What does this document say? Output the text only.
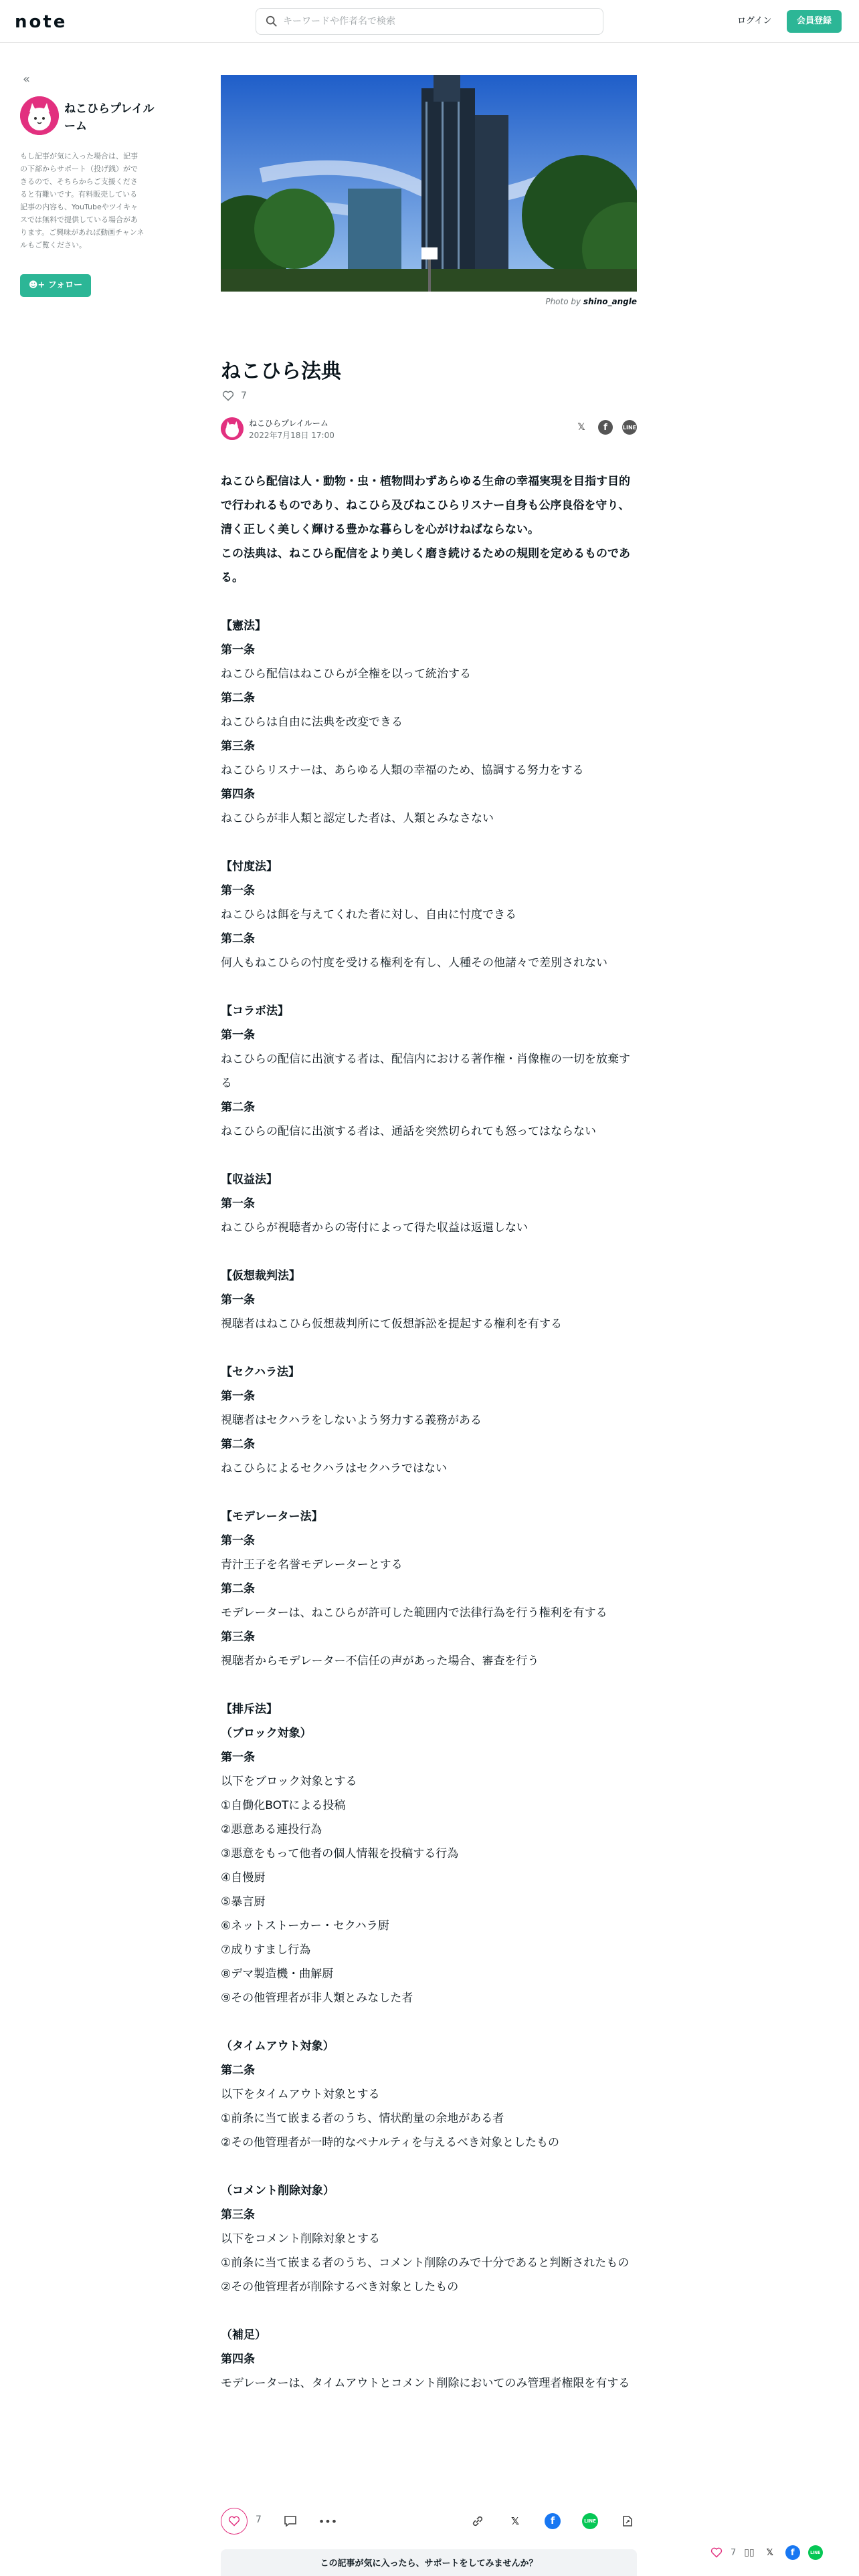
note
キーワードや作者名で検索	ログイン	会員登録
«
ねこひらプレイルーム
もし記事が気に入った場合は、記事の下部からサポート（投げ銭）ができるので、そちらからご支援くださると有難いです。有料販売している記事の内容も、YouTubeやツイキャスでは無料で提供している場合があります。ご興味があれば動画チャンネルもご覧ください。
☻+ フォロー
Photo by shino_angle
ねこひら法典
7
ねこひらプレイルーム
2022年7月18日 17:00
𝕏	f	LINE

ねこひら配信は人・動物・虫・植物問わずあらゆる生命の幸福実現を目指す目的で行われるものであり、ねこひら及びねこひらリスナー自身も公序良俗を守り、清く正しく美しく輝ける豊かな暮らしを心がけねばならない。

この法典は、ねこひら配信をより美しく磨き続けるための規則を定めるものである。

【憲法】

第一条

ねこひら配信はねこひらが全権を以って統治する

第二条

ねこひらは自由に法典を改変できる

第三条

ねこひらリスナーは、あらゆる人類の幸福のため、協調する努力をする

第四条

ねこひらが非人類と認定した者は、人類とみなさない

【忖度法】

第一条

ねこひらは餌を与えてくれた者に対し、自由に忖度できる

第二条

何人もねこひらの忖度を受ける権利を有し、人種その他諸々で差別されない

【コラボ法】

第一条

ねこひらの配信に出演する者は、配信内における著作権・肖像権の一切を放棄する

第二条

ねこひらの配信に出演する者は、通話を突然切られても怒ってはならない

【収益法】

第一条

ねこひらが視聴者からの寄付によって得た収益は返還しない

【仮想裁判法】

第一条

視聴者はねこひら仮想裁判所にて仮想訴訟を提起する権利を有する

【セクハラ法】

第一条

視聴者はセクハラをしないよう努力する義務がある

第二条

ねこひらによるセクハラはセクハラではない

【モデレーター法】

第一条

青汁王子を名誉モデレーターとする

第二条

モデレーターは、ねこひらが許可した範囲内で法律行為を行う権利を有する

第三条

視聴者からモデレーター不信任の声があった場合、審査を行う

【排斥法】

（ブロック対象）

第一条

以下をブロック対象とする

①自働化BOTによる投稿

②悪意ある連投行為

③悪意をもって他者の個人情報を投稿する行為

④自慢厨

⑤暴言厨

⑥ネットストーカー・セクハラ厨

⑦成りすまし行為

⑧デマ製造機・曲解厨

⑨その他管理者が非人類とみなした者

（タイムアウト対象）

第二条

以下をタイムアウト対象とする

①前条に当て嵌まる者のうち、情状酌量の余地がある者

②その他管理者が一時的なペナルティを与えるべき対象としたもの

（コメント削除対象）

第三条

以下をコメント削除対象とする

①前条に当て嵌まる者のうち、コメント削除のみで十分であると判断されたもの

②その他管理者が削除するべき対象としたもの

（補足）

第四条

モデレーターは、タイムアウトとコメント削除においてのみ管理者権限を有する

7	•••	𝕏	f	LINE
この記事が気に入ったら、サポートをしてみませんか？
7 ▯▯	𝕏	f	LINE
